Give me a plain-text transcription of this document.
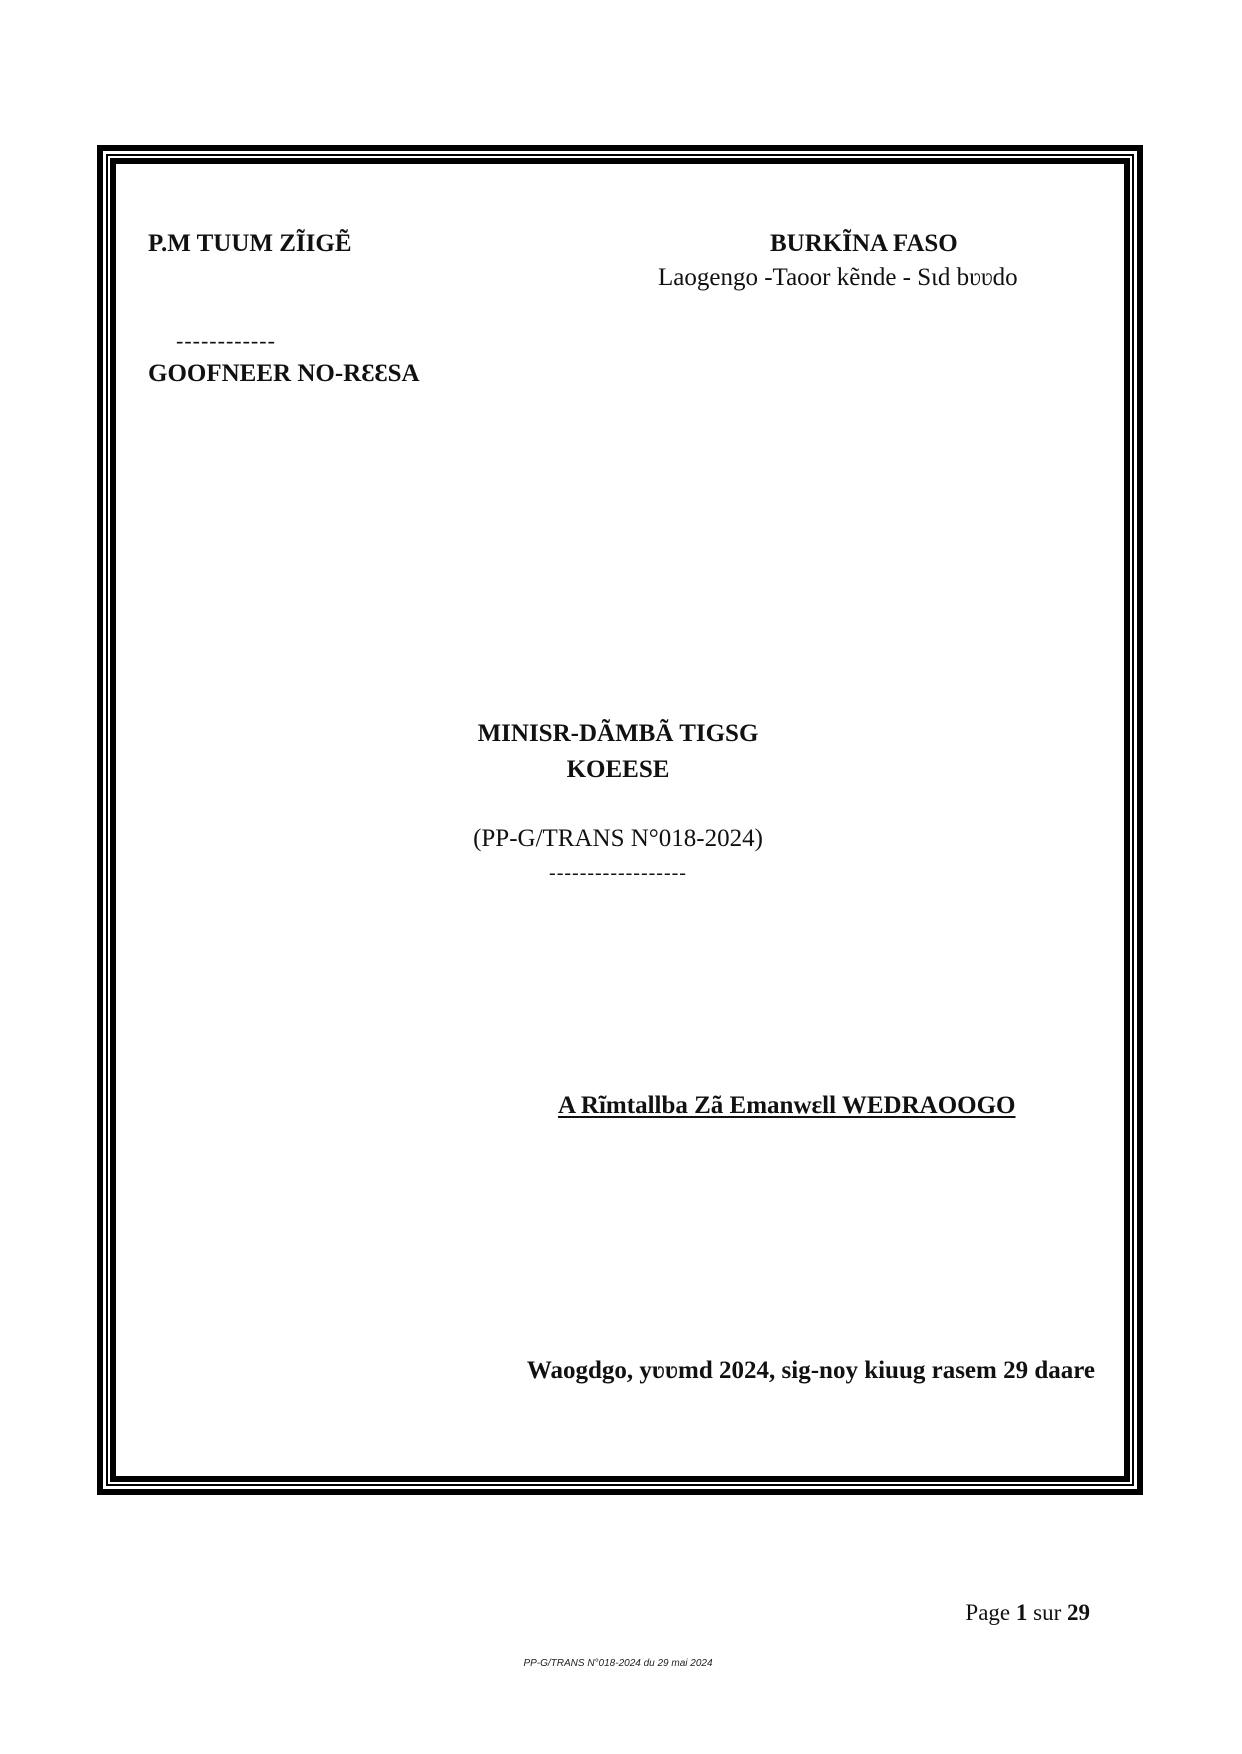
P.M TUUM ZĨIGẼ	BURKĨNA FASO
Laogengo -Taoor kẽnde - Sɩd bʋʋdo
------------
GOOFNEER NO-RƐƐSA
MINISR-DÃMBÃ TIGSG
KOEESE
(PP-G/TRANS N°018-2024)
------------------
A Rĩmtallba Zã Emanwɛll WEDRAOOGO
Waogdgo, yʋʋmd 2024, sig-noy kiuug rasem 29 daare
Page 1 sur 29
PP-G/TRANS N°018-2024 du 29 mai 2024
